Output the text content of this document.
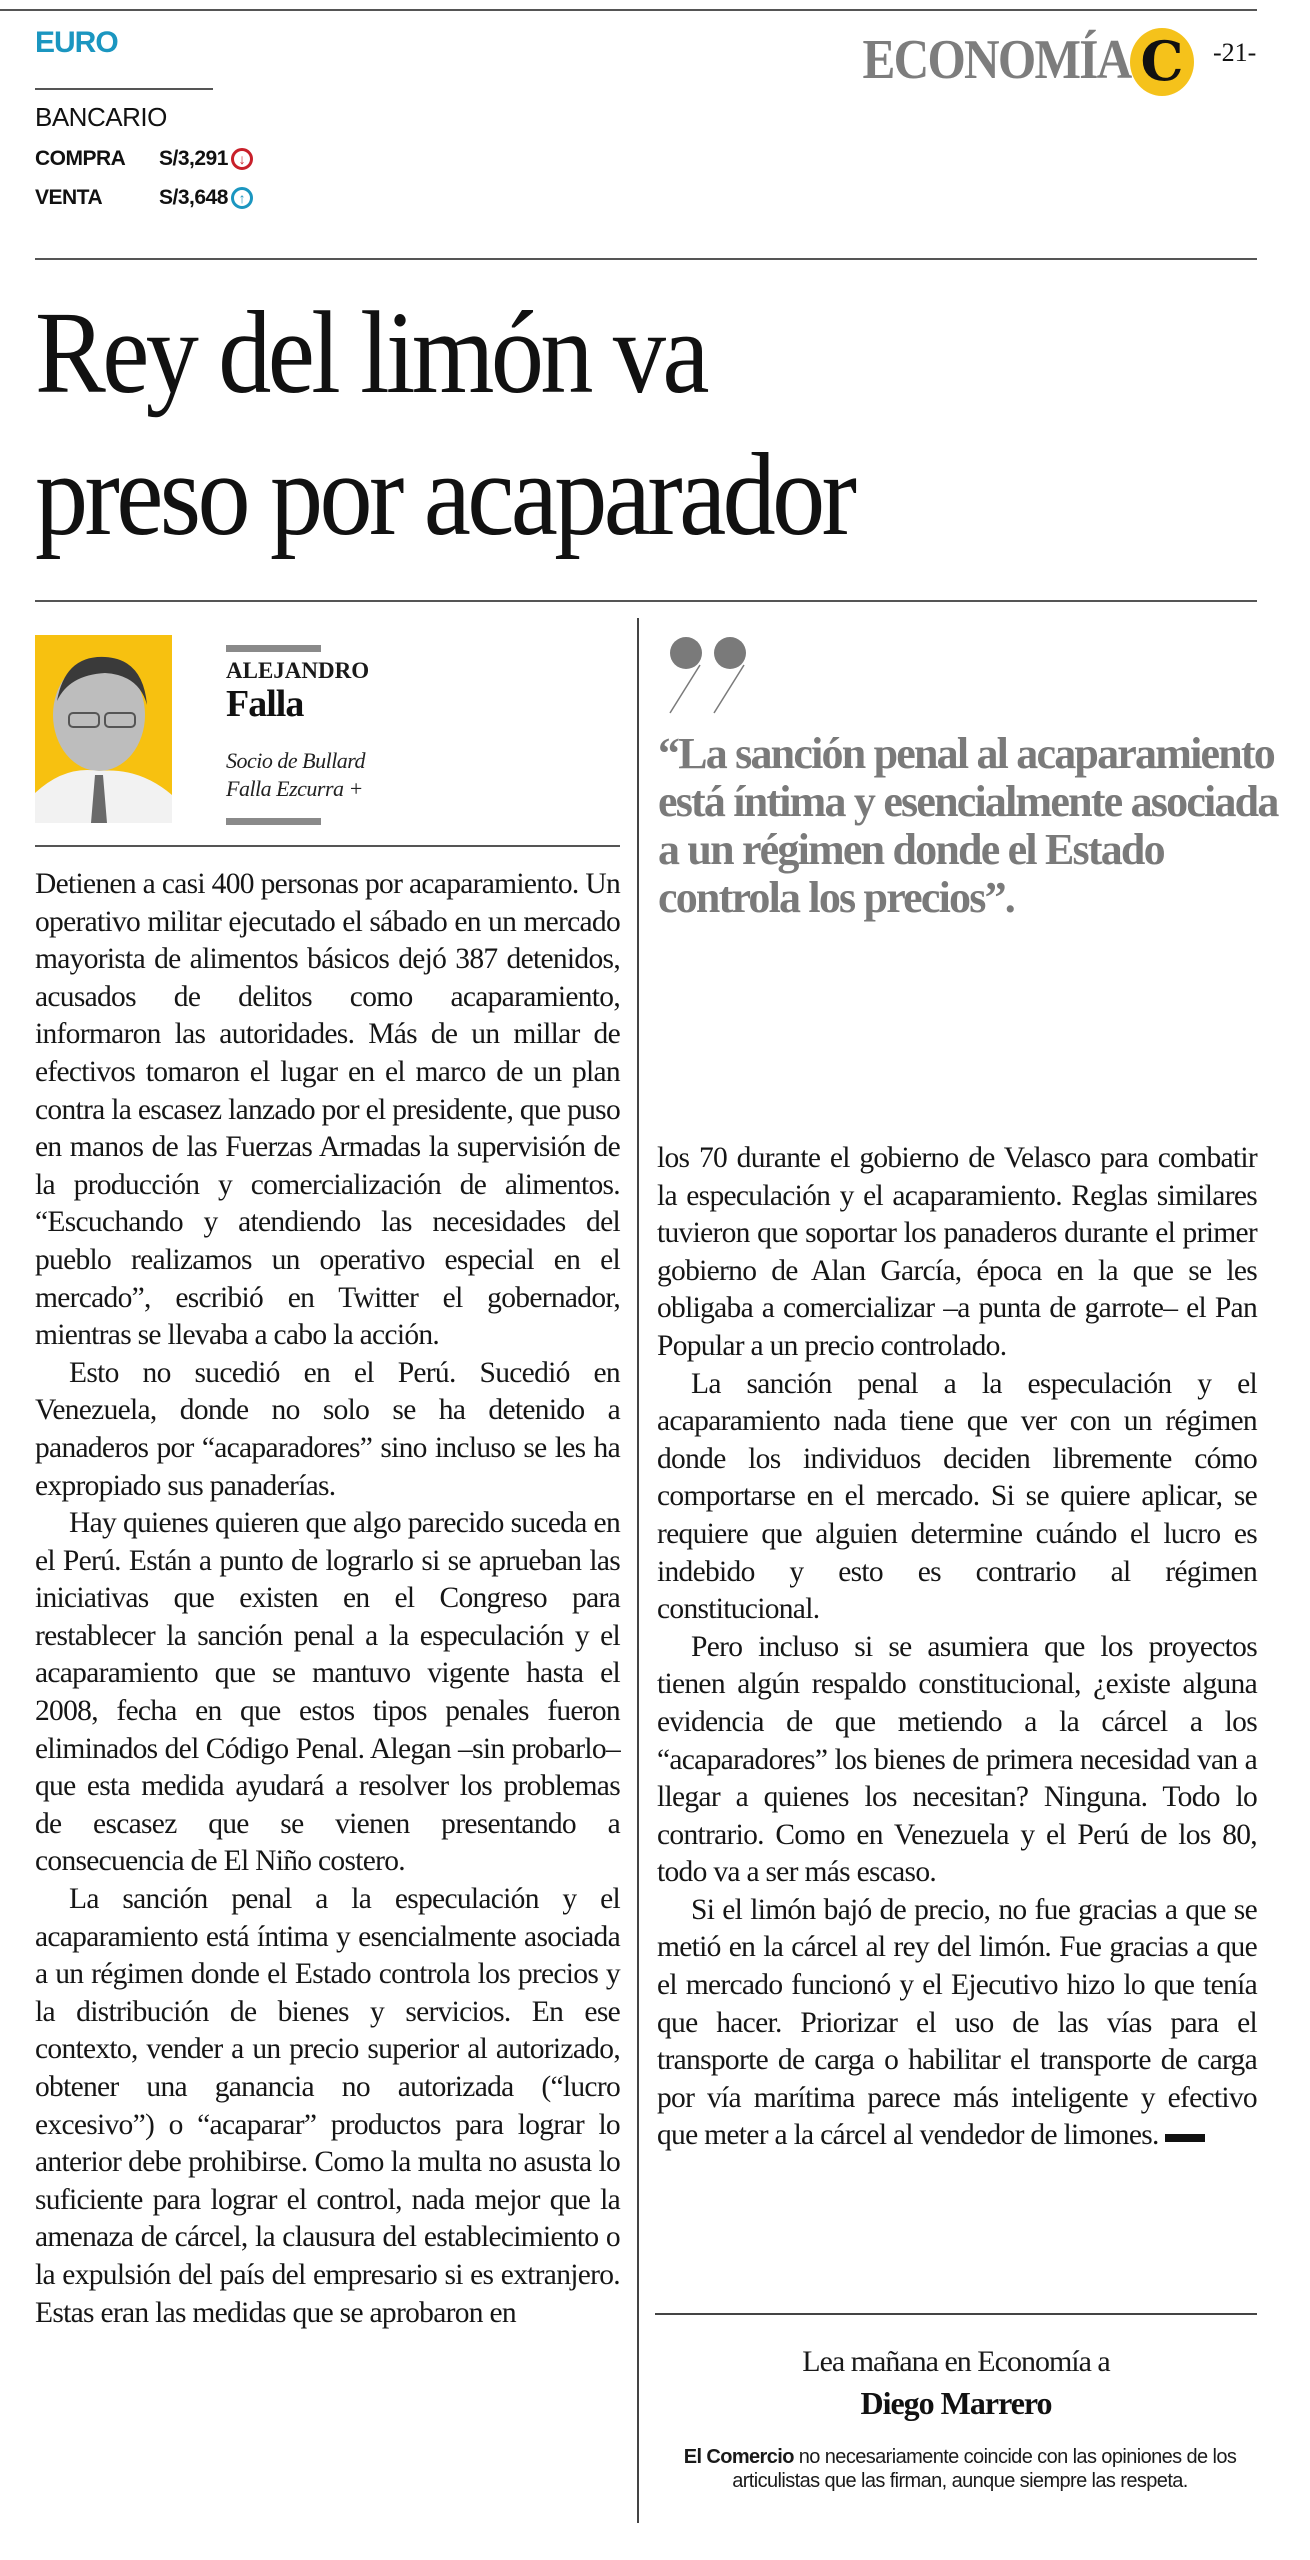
EURO
BANCARIO
COMPRA	S/3,291 ↓
VENTA	S/3,648 ↑
ECONOMÍA C -21-
Rey del limón va
preso por acaparador
ALEJANDRO
Falla
Socio de Bullard
Falla Ezcurra +
“La sanción penal al acaparamiento está íntima y esencialmente asociada a un régimen donde el Estado controla los precios”.

Detienen a casi 400 personas por acaparamiento. Un operativo militar ejecutado el sábado en un mercado mayorista de alimentos básicos dejó 387 detenidos, acusados de delitos como acaparamiento, informaron las autoridades. Más de un millar de efectivos tomaron el lugar en el marco de un plan contra la escasez lanzado por el presidente, que puso en manos de las Fuerzas Armadas la supervisión de la producción y comercialización de alimentos. “Escuchando y atendiendo las necesidades del pueblo realizamos un operativo especial en el mercado”, escribió en Twitter el gobernador, mientras se llevaba a cabo la acción.

Esto no sucedió en el Perú. Sucedió en Venezuela, donde no solo se ha detenido a panaderos por “acaparadores” sino incluso se les ha expropiado sus panaderías.

Hay quienes quieren que algo parecido suceda en el Perú. Están a punto de lograrlo si se aprueban las iniciativas que existen en el Congreso para restablecer la sanción penal a la especulación y el acaparamiento que se mantuvo vigente hasta el 2008, fecha en que estos tipos penales fueron eliminados del Código Penal. Alegan –sin probarlo– que esta medida ayudará a resolver los problemas de escasez que se vienen presentando a consecuencia de El Niño costero.

La sanción penal a la especulación y el acaparamiento está íntima y esencialmente asociada a un régimen donde el Estado controla los precios y la distribución de bienes y servicios. En ese contexto, vender a un precio superior al autorizado, obtener una ganancia no autorizada (“lucro excesivo”) o “acaparar” productos para lograr lo anterior debe prohibirse. Como la multa no asusta lo suficiente para lograr el control, nada mejor que la amenaza de cárcel, la clausura del establecimiento o la expulsión del país del empresario si es extranjero. Estas eran las medidas que se aprobaron en

los 70 durante el gobierno de Velasco para combatir la especulación y el acaparamiento. Reglas similares tuvieron que soportar los panaderos durante el primer gobierno de Alan García, época en la que se les obligaba a comercializar –a punta de garrote– el Pan Popular a un precio controlado.

La sanción penal a la especulación y el acaparamiento nada tiene que ver con un régimen donde los individuos deciden libremente cómo comportarse en el mercado. Si se quiere aplicar, se requiere que alguien determine cuándo el lucro es indebido y esto es contrario al régimen constitucional.

Pero incluso si se asumiera que los proyectos tienen algún respaldo constitucional, ¿existe alguna evidencia de que metiendo a la cárcel a los “acaparadores” los bienes de primera necesidad van a llegar a quienes los necesitan? Ninguna. Todo lo contrario. Como en Venezuela y el Perú de los 80, todo va a ser más escaso.

Si el limón bajó de precio, no fue gracias a que se metió en la cárcel al rey del limón. Fue gracias a que el mercado funcionó y el Ejecutivo hizo lo que tenía que hacer. Priorizar el uso de las vías para el transporte de carga o habilitar el transporte de carga por vía marítima parece más inteligente y efectivo que meter a la cárcel al vendedor de limones.

Lea mañana en Economía a
Diego Marrero
El Comercio no necesariamente coincide con las opiniones de los articulistas que las firman, aunque siempre las respeta.
